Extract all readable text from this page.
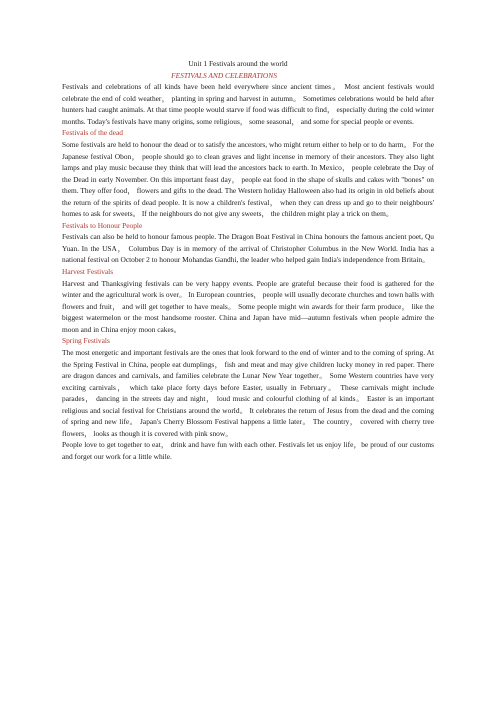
Unit 1 Festivals around the world

FESTIVALS AND CELEBRATIONS

Festivals and celebrations of all kinds have been held everywhere since ancient times。 Most ancient festivals would celebrate the end of cold weather， planting in spring and harvest in autumn。 Sometimes celebrations would be held after hunters had caught animals. At that time people would starve if food was difficult to find， especially during the cold winter months. Today's festivals have many origins, some religious， some seasonal， and some for special people or events.

Festivals of the dead

Some festivals are held to honour the dead or to satisfy the ancestors, who might return either to help or to do harm。 For the Japanese festival Obon， people should go to clean graves and light incense in memory of their ancestors. They also light lamps and play music because they think that will lead the ancestors back to earth. In Mexico， people celebrate the Day of the Dead in early November. On this important feast day， people eat food in the shape of skulls and cakes with "bones" on them. They offer food， flowers and gifts to the dead. The Western holiday Halloween also had its origin in old beliefs about the return of the spirits of dead people. It is now a children's festival， when they can dress up and go to their neighbours' homes to ask for sweets。 If the neighbours do not give any sweets， the children might play a trick on them。

Festivals to Honour People

Festivals can also be held to honour famous people. The Dragon Boat Festival in China honours the famous ancient poet, Qu Yuan. In the USA， Columbus Day is in memory of the arrival of Christopher Columbus in the New World. India has a national festival on October 2 to honour Mohandas Gandhi, the leader who helped gain India's independence from Britain。

Harvest Festivals

Harvest and Thanksgiving festivals can be very happy events. People are grateful because their food is gathered for the winter and the agricultural work is over。 In European countries， people will usually decorate churches and town halls with flowers and fruit， and will get together to have meals。 Some people might win awards for their farm produce， like the biggest watermelon or the most handsome rooster. China and Japan have mid—autumn festivals when people admire the moon and in China enjoy moon cakes。

Spring Festivals

The most energetic and important festivals are the ones that look forward to the end of winter and to the coming of spring. At the Spring Festival in China, people eat dumplings， fish and meat and may give children lucky money in red paper. There are dragon dances and carnivals, and families celebrate the Lunar New Year together。 Some Western countries have very exciting carnivals， which take place forty days before Easter, usually in February。 These carnivals might include parades， dancing in the streets day and night， loud music and colourful clothing of al kinds。 Easter is an important religious and social festival for Christians around the world。 It celebrates the return of Jesus from the dead and the coming of spring and new life。 Japan's Cherry Blossom Festival happens a little later。 The country， covered with cherry tree flowers， looks as though it is covered with pink snow。

People love to get together to eat， drink and have fun with each other. Festivals let us enjoy life，be proud of our customs and forget our work for a little while.
